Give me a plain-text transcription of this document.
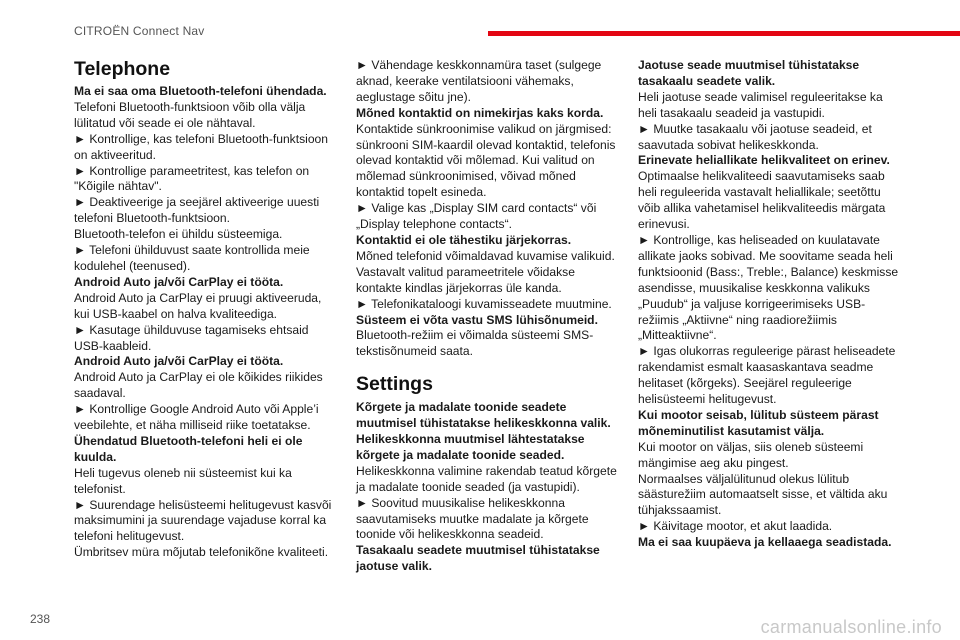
CITROËN Connect Nav
Telephone

Ma ei saa oma Bluetooth-telefoni ühendada.

Telefoni Bluetooth-funktsioon võib olla välja lülitatud või seade ei ole nähtaval.

► Kontrollige, kas telefoni Bluetooth-funktsioon on aktiveeritud.

► Kontrollige parameetritest, kas telefon on "Kõigile nähtav".

► Deaktiveerige ja seejärel aktiveerige uuesti telefoni Bluetooth-funktsioon.

Bluetooth-telefon ei ühildu süsteemiga.

► Telefoni ühilduvust saate kontrollida meie kodulehel (teenused).

Android Auto ja/või CarPlay ei tööta.

Android Auto ja CarPlay ei pruugi aktiveeruda, kui USB-kaabel on halva kvaliteediga.

► Kasutage ühilduvuse tagamiseks ehtsaid USB-kaableid.

Android Auto ja/või CarPlay ei tööta.

Android Auto ja CarPlay ei ole kõikides riikides saadaval.

► Kontrollige Google Android Auto või Apple’i veebilehte, et näha milliseid riike toetatakse.

Ühendatud Bluetooth-telefoni heli ei ole kuulda.

Heli tugevus oleneb nii süsteemist kui ka telefonist.

► Suurendage helisüsteemi helitugevust kasvõi maksimumini ja suurendage vajaduse korral ka telefoni helitugevust.

Ümbritsev müra mõjutab telefonikõne kvaliteeti.

► Vähendage keskkonnamüra taset (sulgege aknad, keerake ventilatsiooni vähemaks, aeglustage sõitu jne).

Mõned kontaktid on nimekirjas kaks korda.

Kontaktide sünkroonimise valikud on järgmised: sünkrooni SIM-kaardil olevad kontaktid, telefonis olevad kontaktid või mõlemad. Kui valitud on mõlemad sünkroonimised, võivad mõned kontaktid topelt esineda.

► Valige kas „Display SIM card contacts“ või „Display telephone contacts“.

Kontaktid ei ole tähestiku järjekorras.

Mõned telefonid võimaldavad kuvamise valikuid. Vastavalt valitud parameetritele võidakse kontakte kindlas järjekorras üle kanda.

► Telefonikataloogi kuvamisseadete muutmine.

Süsteem ei võta vastu SMS lühisõnumeid.

Bluetooth-režiim ei võimalda süsteemi SMS-tekstisõnumeid saata.

Settings

Kõrgete ja madalate toonide seadete muutmisel tühistatakse helikeskkonna valik.

Helikeskkonna muutmisel lähtestatakse kõrgete ja madalate toonide seaded.

Helikeskkonna valimine rakendab teatud kõrgete ja madalate toonide seaded (ja vastupidi).

► Soovitud muusikalise helikeskkonna saavutamiseks muutke madalate ja kõrgete toonide või helikeskkonna seadeid.

Tasakaalu seadete muutmisel tühistatakse jaotuse valik.

Jaotuse seade muutmisel tühistatakse tasakaalu seadete valik.

Heli jaotuse seade valimisel reguleeritakse ka heli tasakaalu seadeid ja vastupidi.

► Muutke tasakaalu või jaotuse seadeid, et saavutada sobivat helikeskkonda.

Erinevate heliallikate helikvaliteet on erinev.

Optimaalse helikvaliteedi saavutamiseks saab heli reguleerida vastavalt heliallikale; seetõttu võib allika vahetamisel helikvaliteedis märgata erinevusi.

► Kontrollige, kas heliseaded on kuulatavate allikate jaoks sobivad. Me soovitame seada heli funktsioonid (Bass:, Treble:, Balance) keskmisse asendisse, muusikalise keskkonna valikuks „Puudub“ ja valjuse korrigeerimiseks USB-režiimis „Aktiivne“ ning raadiorežiimis „Mitteaktiivne“.

► Igas olukorras reguleerige pärast heliseadete rakendamist esmalt kaasaskantava seadme helitaset (kõrgeks). Seejärel reguleerige helisüsteemi helitugevust.

Kui mootor seisab, lülitub süsteem pärast mõneminutilist kasutamist välja.

Kui mootor on väljas, siis oleneb süsteemi mängimise aeg aku pingest.

Normaalses väljalülitunud olekus lülitub säästurežiim automaatselt sisse, et vältida aku tühjakssaamist.

► Käivitage mootor, et akut laadida.

Ma ei saa kuupäeva ja kellaaega seadistada.

238	carmanualsonline.info
